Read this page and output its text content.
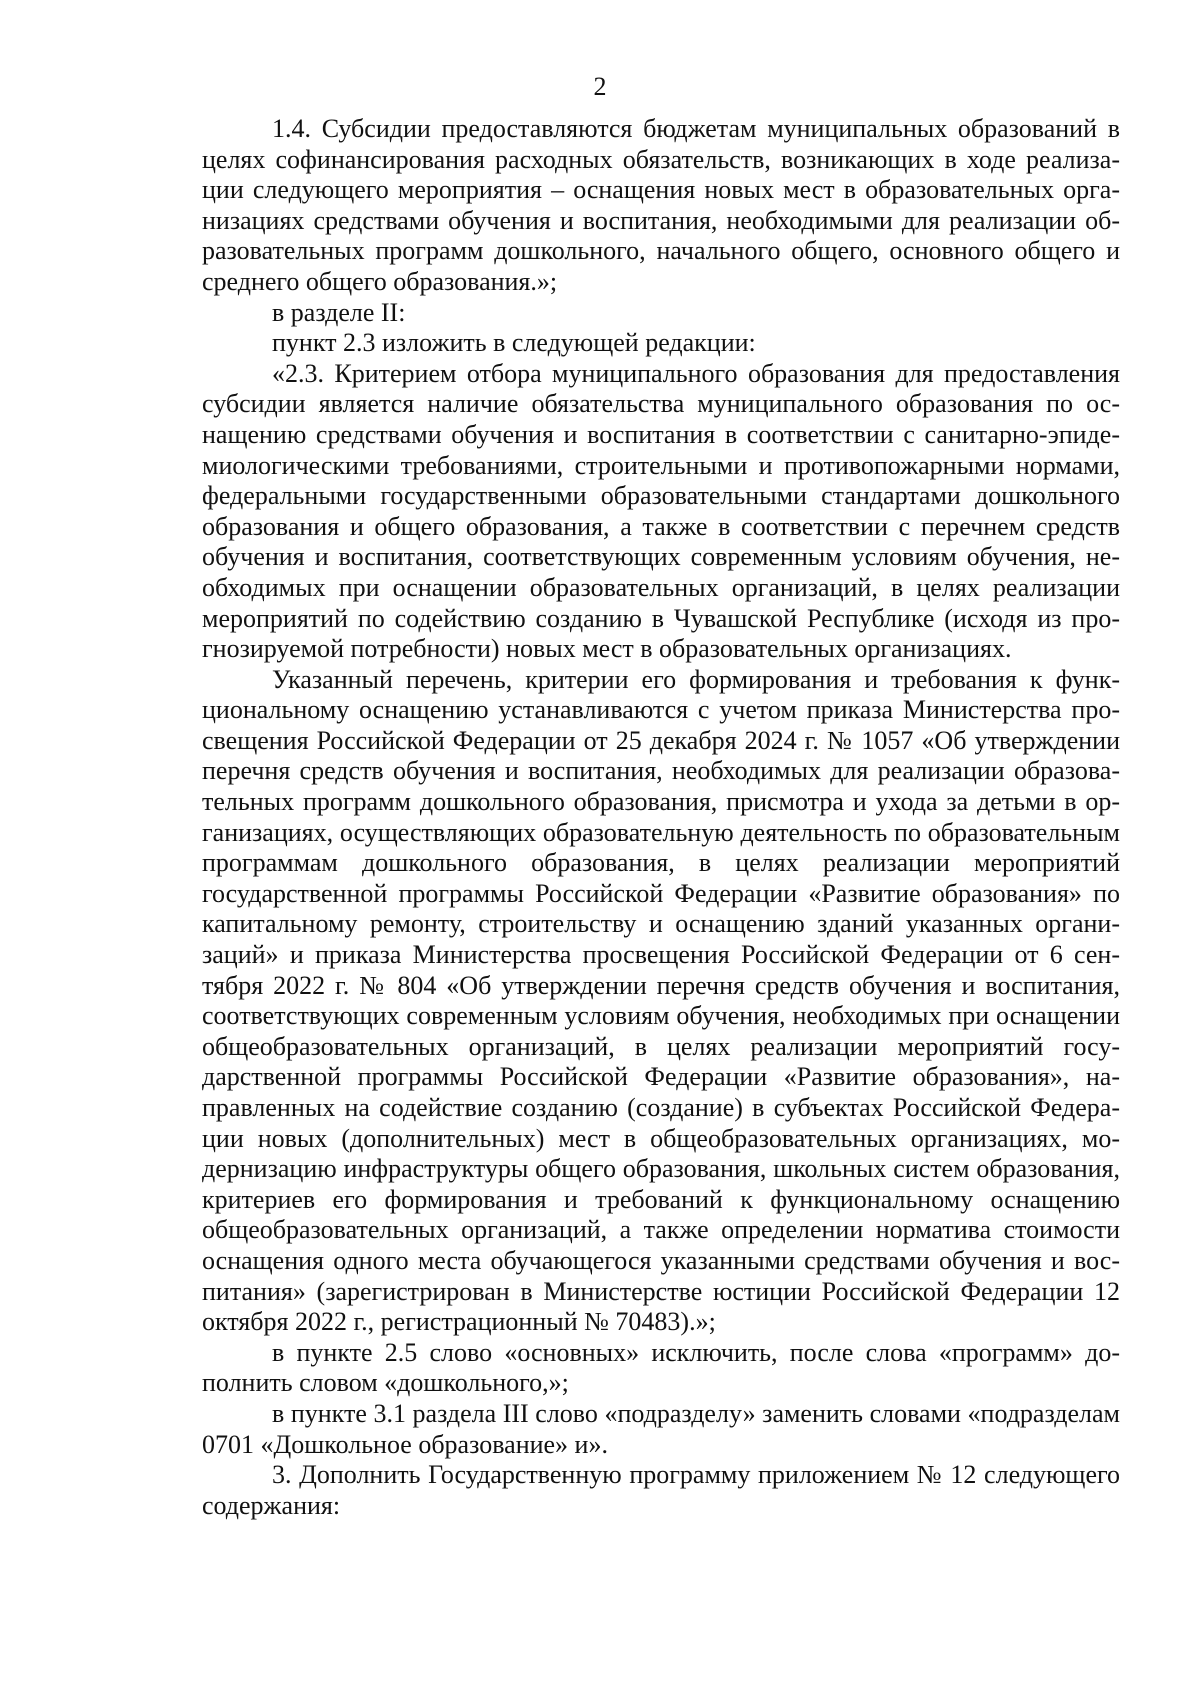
2

1.4. Субсидии предоставляются бюджетам муниципальных образований в целях софинансирования расходных обязательств, возникающих в ходе реализации следующего мероприятия – оснащения новых мест в образовательных организациях средствами обучения и воспитания, необходимыми для реализации образовательных программ дошкольного, начального общего, основного общего и среднего общего образования.»;

в разделе II:

пункт 2.3 изложить в следующей редакции:

«2.3. Критерием отбора муниципального образования для предоставления субсидии является наличие обязательства муниципального образования по оснащению средствами обучения и воспитания в соответствии с санитарно-эпидемиологическими требованиями, строительными и противопожарными нормами, федеральными государственными образовательными стандартами дошкольного образования и общего образования, а также в соответствии с перечнем средств обучения и воспитания, соответствующих современным условиям обучения, необходимых при оснащении образовательных организаций, в целях реализации мероприятий по содействию созданию в Чувашской Республике (исходя из прогнозируемой потребности) новых мест в образовательных организациях.

Указанный перечень, критерии его формирования и требования к функциональному оснащению устанавливаются с учетом приказа Министерства просвещения Российской Федерации от 25 декабря 2024 г. № 1057 «Об утверждении перечня средств обучения и воспитания, необходимых для реализации образовательных программ дошкольного образования, присмотра и ухода за детьми в организациях, осуществляющих образовательную деятельность по образовательным программам дошкольного образования, в целях реализации мероприятий государственной программы Российской Федерации «Развитие образования» по капитальному ремонту, строительству и оснащению зданий указанных организаций» и приказа Министерства просвещения Российской Федерации от 6 сентября 2022 г. № 804 «Об утверждении перечня средств обучения и воспитания, соответствующих современным условиям обучения, необходимых при оснащении общеобразовательных организаций, в целях реализации мероприятий государственной программы Российской Федерации «Развитие образования», направленных на содействие созданию (создание) в субъектах Российской Федерации новых (дополнительных) мест в общеобразовательных организациях, модернизацию инфраструктуры общего образования, школьных систем образования, критериев его формирования и требований к функциональному оснащению общеобразовательных организаций, а также определении норматива стоимости оснащения одного места обучающегося указанными средствами обучения и воспитания» (зарегистрирован в Министерстве юстиции Российской Федерации 12 октября 2022 г., регистрационный № 70483).»;

в пункте 2.5 слово «основных» исключить, после слова «программ» дополнить словом «дошкольного,»;

в пункте 3.1 раздела III слово «подразделу» заменить словами «подразделам 0701 «Дошкольное образование» и».

3. Дополнить Государственную программу приложением № 12 следующего содержания:
